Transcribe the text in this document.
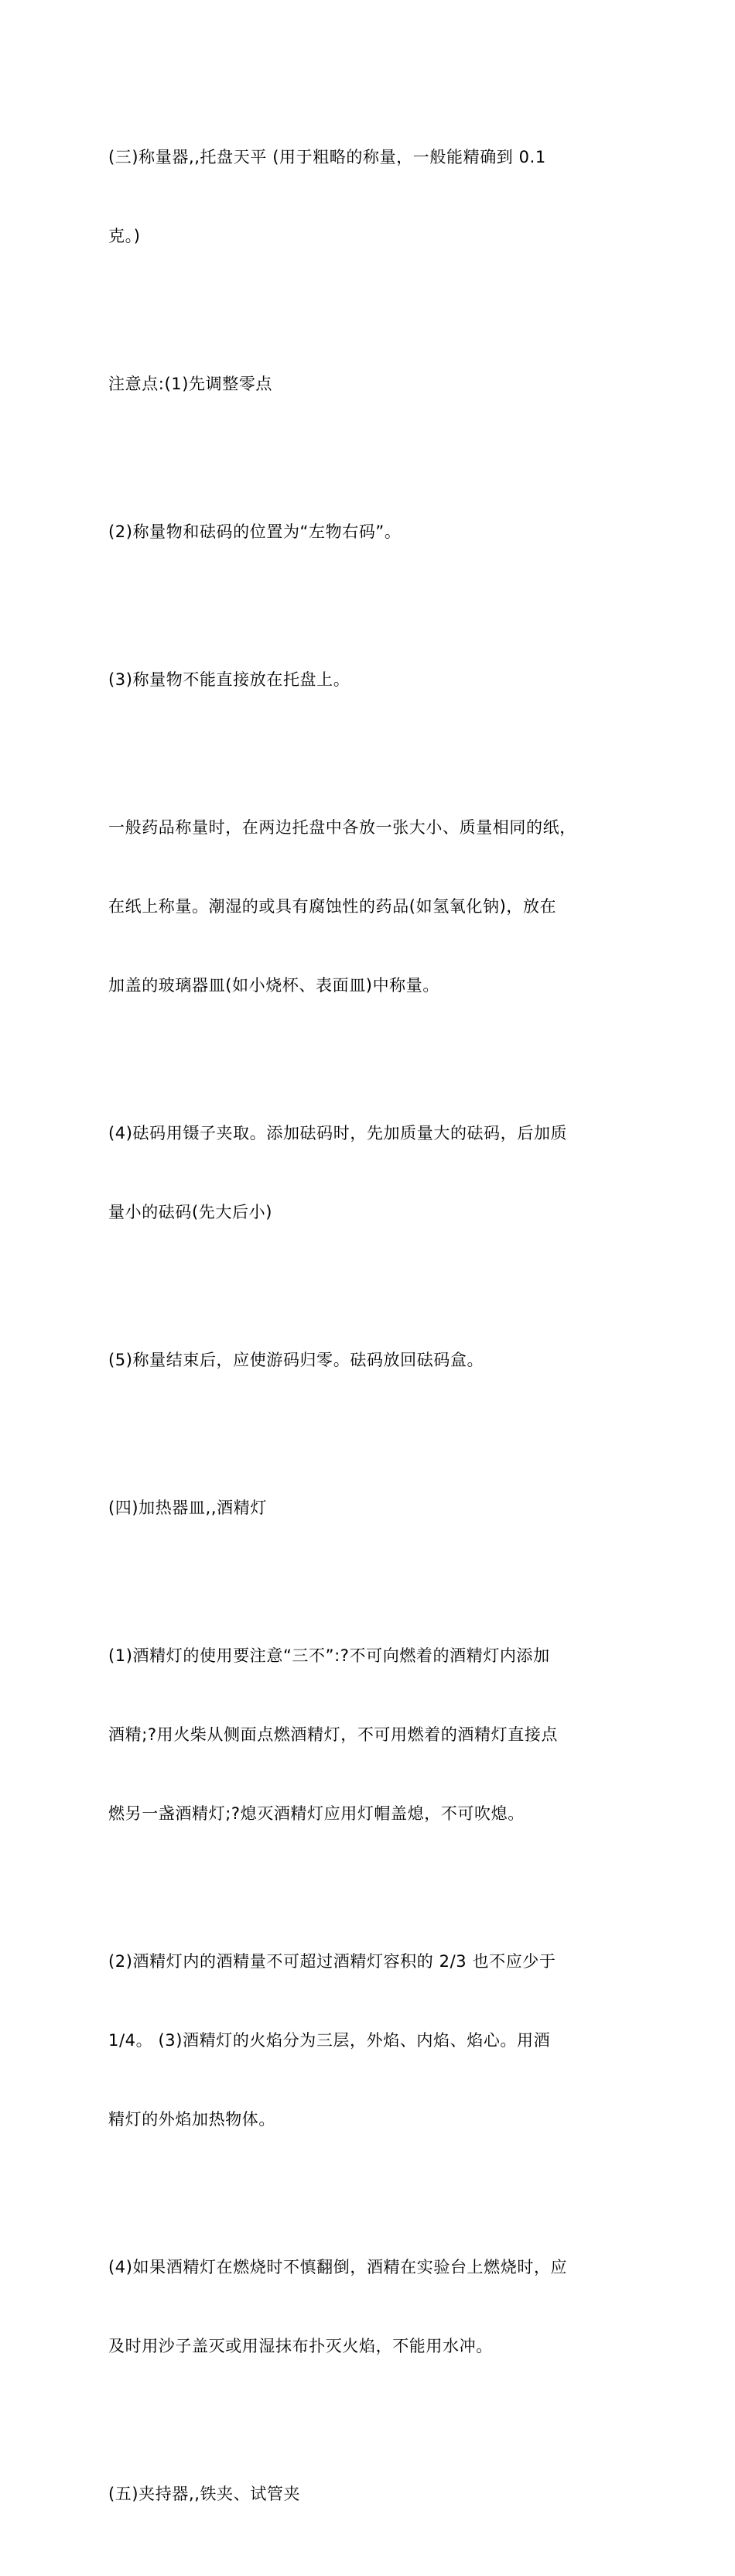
(三)称量器,,托盘天平 (用于粗略的称量，一般能精确到 0.1

克。)

注意点:(1)先调整零点

(2)称量物和砝码的位置为“左物右码”。

(3)称量物不能直接放在托盘上。

一般药品称量时，在两边托盘中各放一张大小、质量相同的纸，

在纸上称量。潮湿的或具有腐蚀性的药品(如氢氧化钠)，放在

加盖的玻璃器皿(如小烧杯、表面皿)中称量。

(4)砝码用镊子夹取。添加砝码时，先加质量大的砝码，后加质

量小的砝码(先大后小)

(5)称量结束后，应使游码归零。砝码放回砝码盒。

(四)加热器皿,,酒精灯

(1)酒精灯的使用要注意“三不”:?不可向燃着的酒精灯内添加

酒精;?用火柴从侧面点燃酒精灯，不可用燃着的酒精灯直接点

燃另一盏酒精灯;?熄灭酒精灯应用灯帽盖熄，不可吹熄。

(2)酒精灯内的酒精量不可超过酒精灯容积的 2/3 也不应少于

1/4。 (3)酒精灯的火焰分为三层，外焰、内焰、焰心。用酒

精灯的外焰加热物体。

(4)如果酒精灯在燃烧时不慎翻倒，酒精在实验台上燃烧时，应

及时用沙子盖灭或用湿抹布扑灭火焰，不能用水冲。

(五)夹持器,,铁夹、试管夹
